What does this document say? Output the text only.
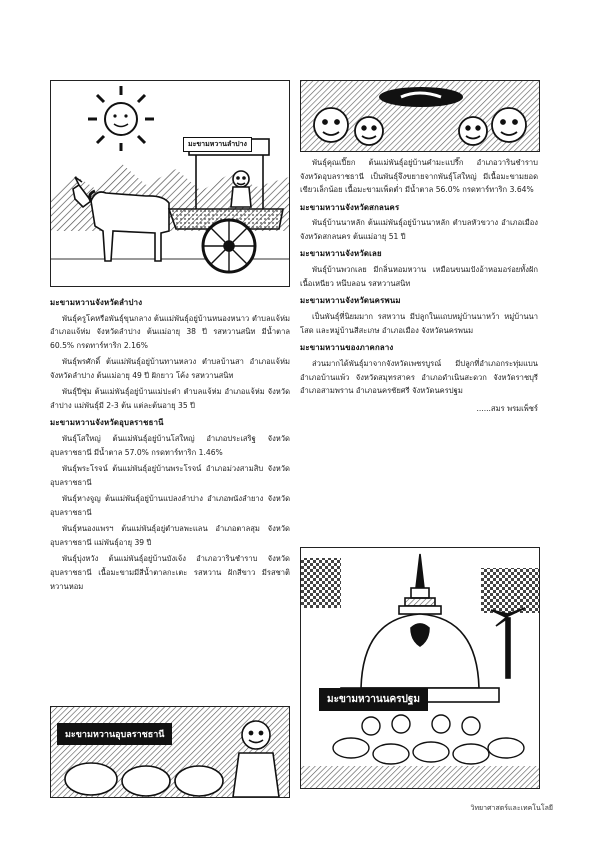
มะขามหวานลำปาง
มะขามหวานจังหวัดลำปาง

พันธุ์ครูโคหรือพันธุ์ขุนกลาง ต้นแม่พันธุ์อยู่บ้านหนองหนาว ตำบลแจ้ห่ม อำเภอแจ้ห่ม จังหวัดลำปาง ต้นแม่อายุ 38 ปี รสหวานสนิท มีน้ำตาล 60.5% กรดทาร์ทาริก 2.16%

พันธุ์พรศักดิ์ ต้นแม่พันธุ์อยู่บ้านทานหลวง ตำบลบ้านสา อำเภอแจ้ห่ม จังหวัดลำปาง ต้นแม่อายุ 49 ปี ฝักยาว โค้ง รสหวานสนิท

พันธุ์ปีชุ่ม ต้นแม่พันธุ์อยู่บ้านแม่ปะต๋า ตำบลแจ้ห่ม อำเภอแจ้ห่ม จังหวัดลำปาง แม่พันธุ์มี 2-3 ต้น แต่ละต้นอายุ 35 ปี

มะขามหวานจังหวัดอุบลราชธานี

พันธุ์โสใหญ่ ต้นแม่พันธุ์อยู่บ้านโสใหญ่ อำเภอประเสริฐ จังหวัดอุบลราชธานี มีน้ำตาล 57.0% กรดทาร์ทาริก 1.46%

พันธุ์พระโรจน์ ต้นแม่พันธุ์อยู่บ้านพระโรจน์ อำเภอม่วงสามสิบ จังหวัดอุบลราชธานี

พันธุ์หางจูญ ต้นแม่พันธุ์อยู่บ้านแปลงลำปาง อำเภอพนังลำยาง จังหวัดอุบลราชธานี

พันธุ์หนองแพรฯ ต้นแม่พันธุ์อยู่ตำบลพะแลน อำเภอตาลสุม จังหวัดอุบลราชธานี แม่พันธุ์อายุ 39 ปี

พันธุ์บุ่งหวัง ต้นแม่พันธุ์อยู่บ้านบังเจ้ง อำเภอวารินชำราบ จังหวัดอุบลราชธานี เนื้อมะขามมีสีน้ำตาลกะเตะ รสหวาน ฝักสีขาว มีรสชาติหวานหอม

พันธุ์คุณเปี๊ยก ต้นแม่พันธุ์อยู่บ้านคำมะแปรี๊ก อำเภอวารินชำราบ จังหวัดอุบลราชธานี เป็นพันธุ์จึงขยายจากพันธุ์โสใหญ่ มีเนื้อมะขามยอดเขียวเล็กน้อย เนื้อมะขามเพ็ดต่ำ มีน้ำตาล 56.0% กรดทาร์ทาริก 3.64%

มะขามหวานจังหวัดสกลนคร

พันธุ์บ้านนาหลัก ต้นแม่พันธุ์อยู่บ้านนาหลัก ตำบลหัวขวาง อำเภอเมือง จังหวัดสกลนคร ต้นแม่อายุ 51 ปี

มะขามหวานจังหวัดเลย

พันธุ์บ้านพวกเลย มีกลิ่นหอมหวาน เหมือนขนมปังอ้าหอมอร่อยทั้งฝัก เนื้อเหนียว หนึบลอน รสหวานสนิท

มะขามหวานจังหวัดนครพนม

เป็นพันธุ์ที่นิยมมาก รสหวาน มีปลูกในแถบหมู่บ้านนาหว้า หมู่บ้านนาโสด และหมู่บ้านสีสะเกษ อำเภอเมือง จังหวัดนครพนม

มะขามหวานของภาคกลาง

ส่วนมากได้พันธุ์มาจากจังหวัดเพชรบูรณ์ มีปลูกที่อำเภอกระทุ่มแบน อำเภอบ้านแพ้ว จังหวัดสมุทรสาคร อำเภอดำเนินสะดวก จังหวัดราชบุรี อำเภอสามพราน อำเภอนครชัยศรี จังหวัดนครปฐม

......สมร พรมเพ็ชร์
มะขามหวานนครปฐม
มะขามหวานอุบลราชธานี
วิทยาศาสตร์และเทคโนโลยี
